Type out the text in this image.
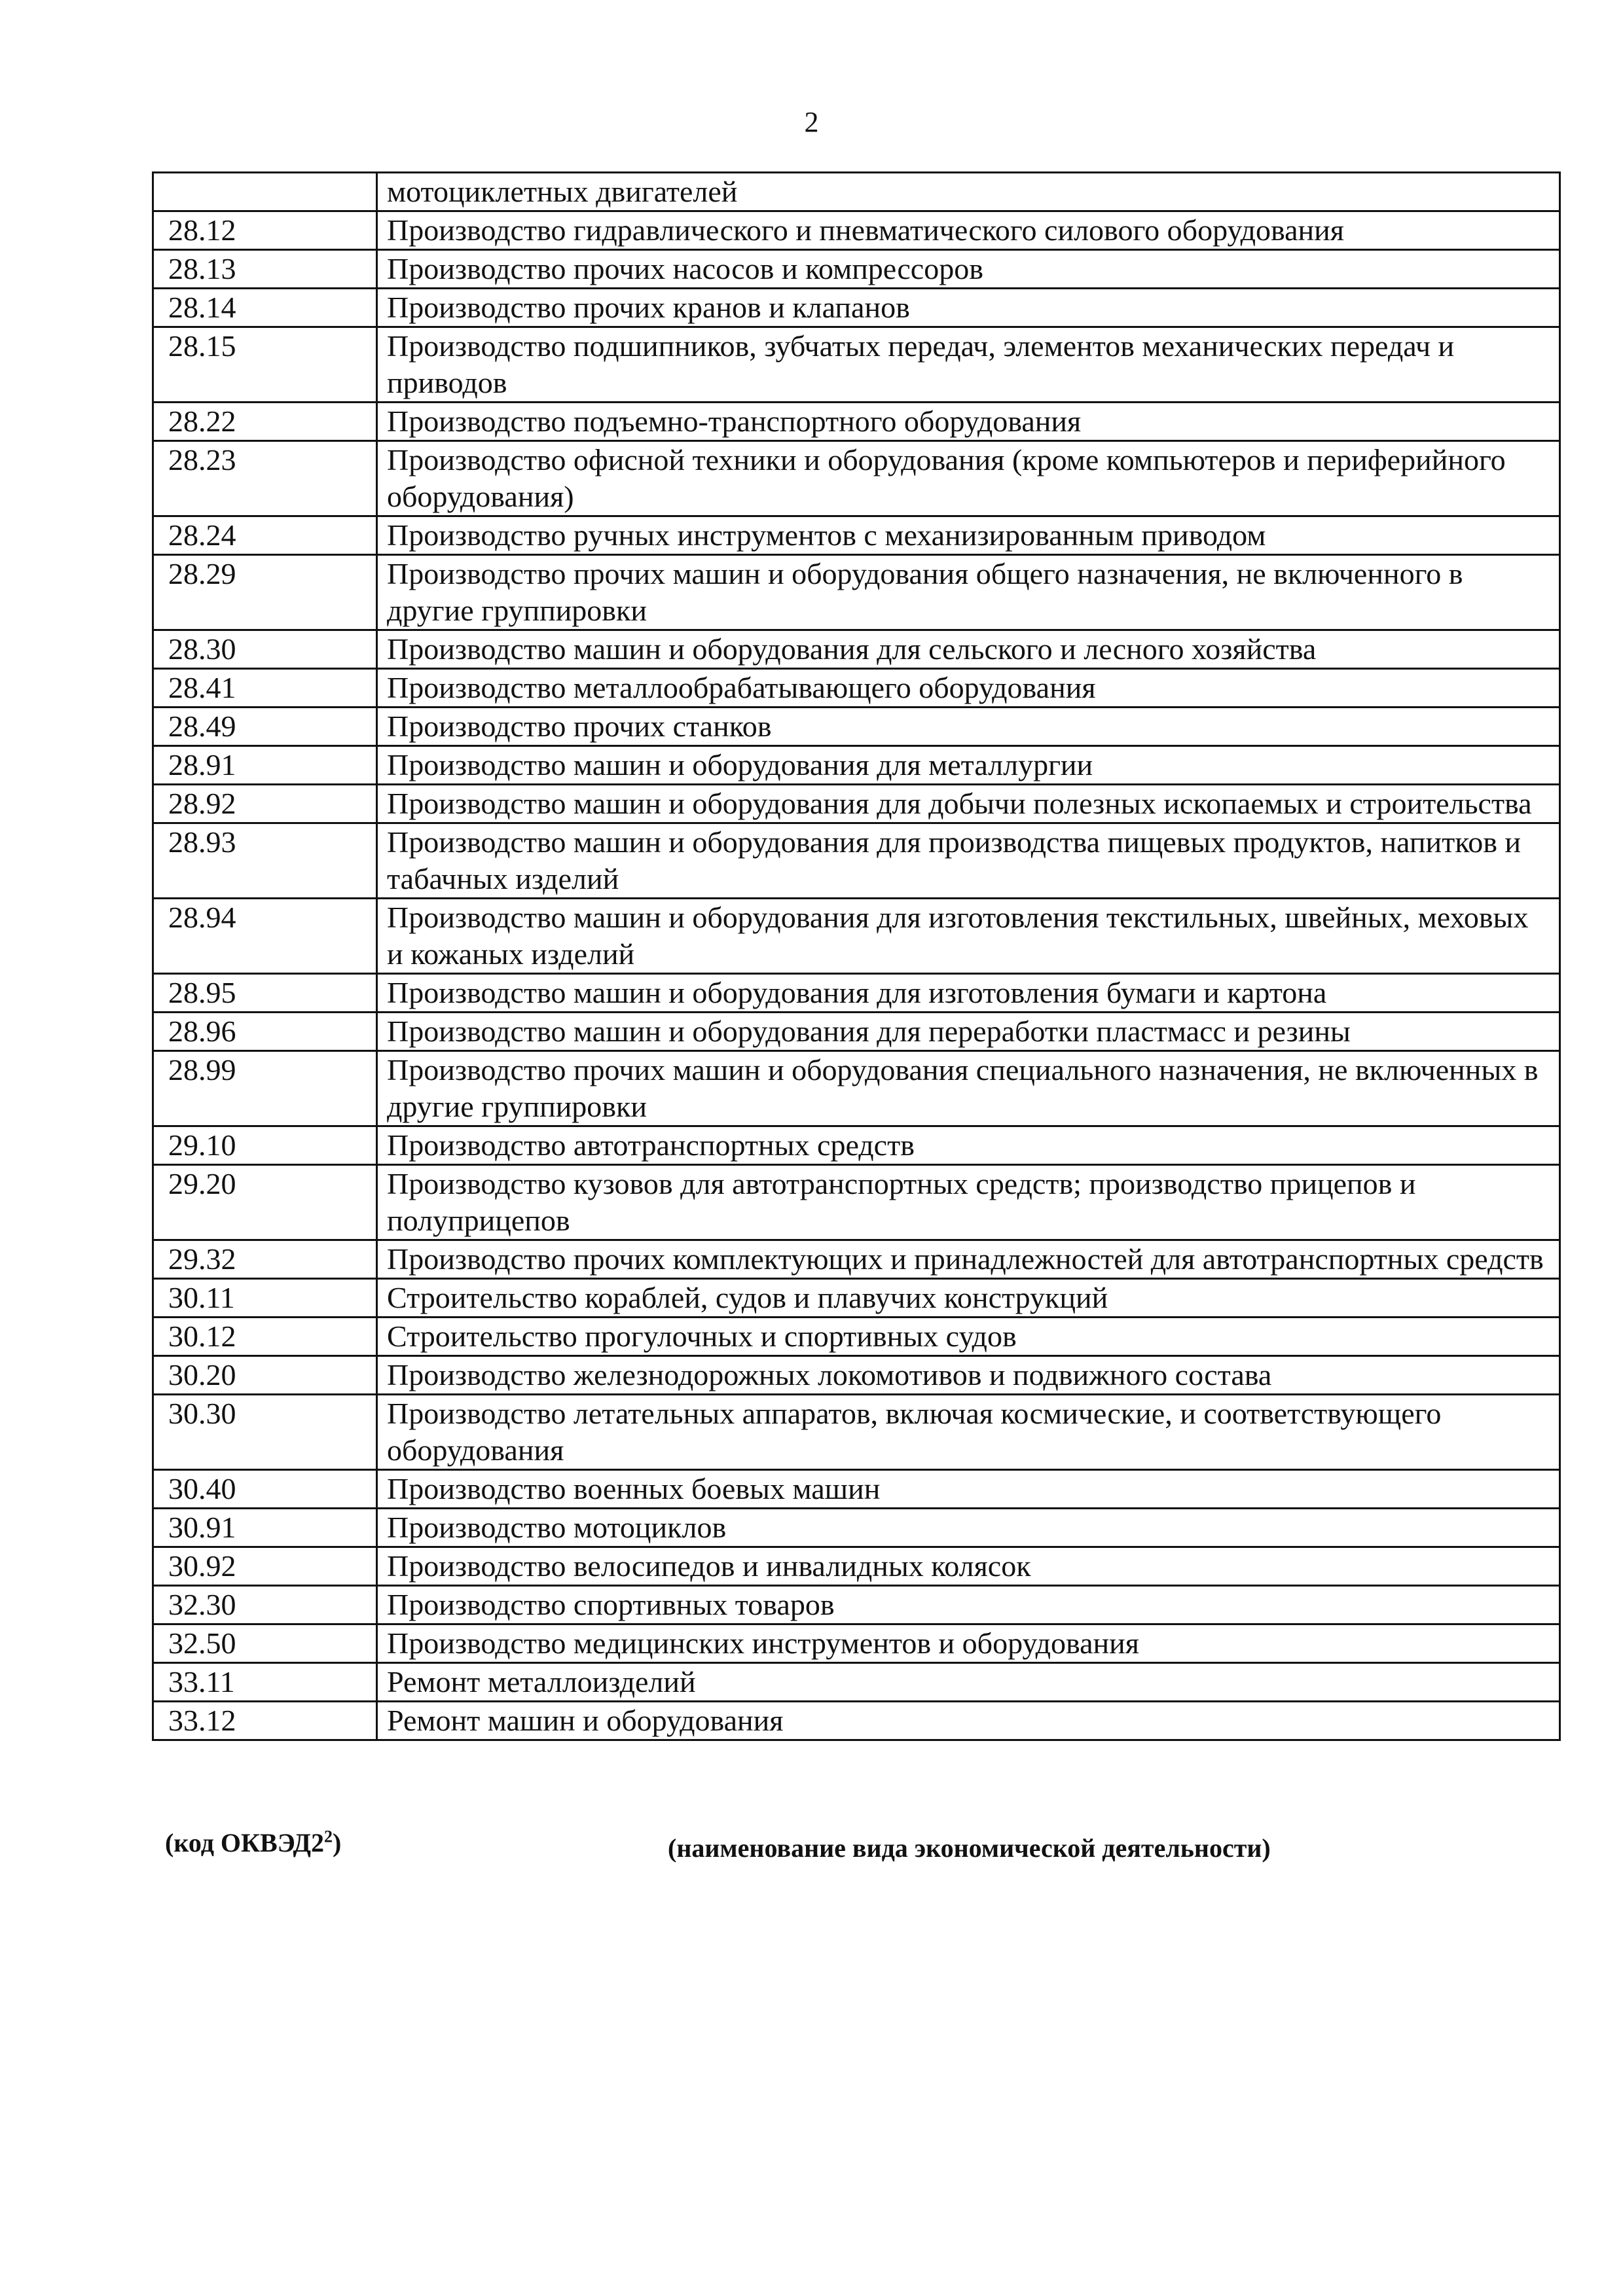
2
	мотоциклетных двигателей
28.12	Производство гидравлического и пневматического силового оборудования
28.13	Производство прочих насосов и компрессоров
28.14	Производство прочих кранов и клапанов
28.15	Производство подшипников, зубчатых передач, элементов механических передач и приводов
28.22	Производство подъемно-транспортного оборудования
28.23	Производство офисной техники и оборудования (кроме компьютеров и периферийного оборудования)
28.24	Производство ручных инструментов с механизированным приводом
28.29	Производство прочих машин и оборудования общего назначения, не включенного в другие группировки
28.30	Производство машин и оборудования для сельского и лесного хозяйства
28.41	Производство металлообрабатывающего оборудования
28.49	Производство прочих станков
28.91	Производство машин и оборудования для металлургии
28.92	Производство машин и оборудования для добычи полезных ископаемых и строительства
28.93	Производство машин и оборудования для производства пищевых продуктов, напитков и табачных изделий
28.94	Производство машин и оборудования для изготовления текстильных, швейных, меховых и кожаных изделий
28.95	Производство машин и оборудования для изготовления бумаги и картона
28.96	Производство машин и оборудования для переработки пластмасс и резины
28.99	Производство прочих машин и оборудования специального назначения, не включенных в другие группировки
29.10	Производство автотранспортных средств
29.20	Производство кузовов для автотранспортных средств; производство прицепов и полуприцепов
29.32	Производство прочих комплектующих и принадлежностей для автотранспортных средств
30.11	Строительство кораблей, судов и плавучих конструкций
30.12	Строительство прогулочных и спортивных судов
30.20	Производство железнодорожных локомотивов и подвижного состава
30.30	Производство летательных аппаратов, включая космические, и соответствующего оборудования
30.40	Производство военных боевых машин
30.91	Производство мотоциклов
30.92	Производство велосипедов и инвалидных колясок
32.30	Производство спортивных товаров
32.50	Производство медицинских инструментов и оборудования
33.11	Ремонт металлоизделий
33.12	Ремонт машин и оборудования
(код $ОКВЭД2^2$)	(наименование вида экономической деятельности)
